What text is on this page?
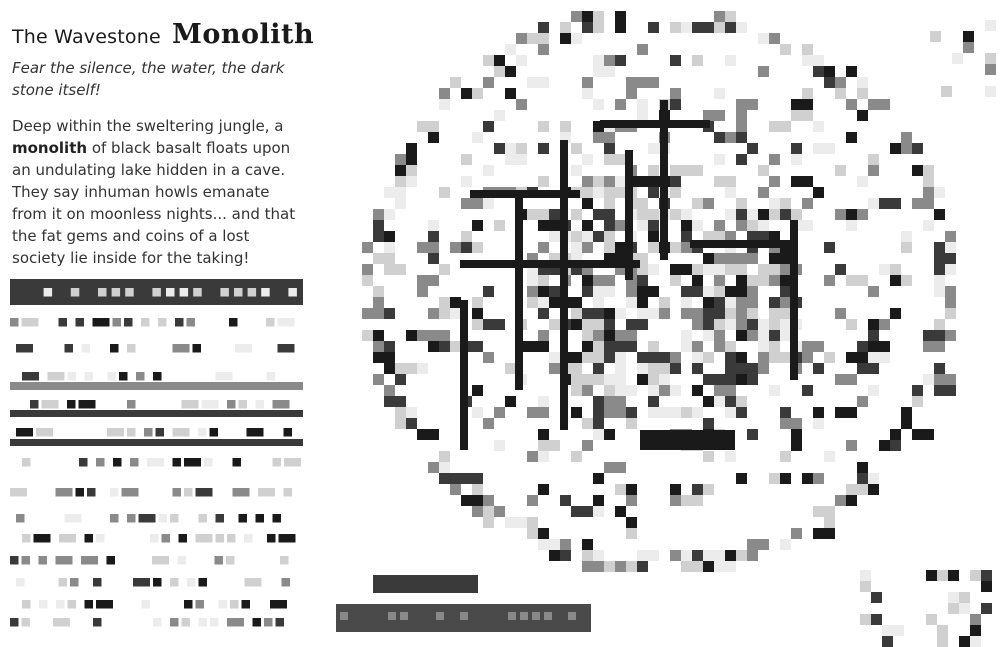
The Wavestone Monolith

Fear the silence, the water, the dark stone itself!

Deep within the sweltering jungle, a monolith of black basalt floats upon an undulating lake hidden in a cave. They say inhuman howls emanate from it on moonless nights... and that the fat gems and coins of a lost society lie inside for the taking!
